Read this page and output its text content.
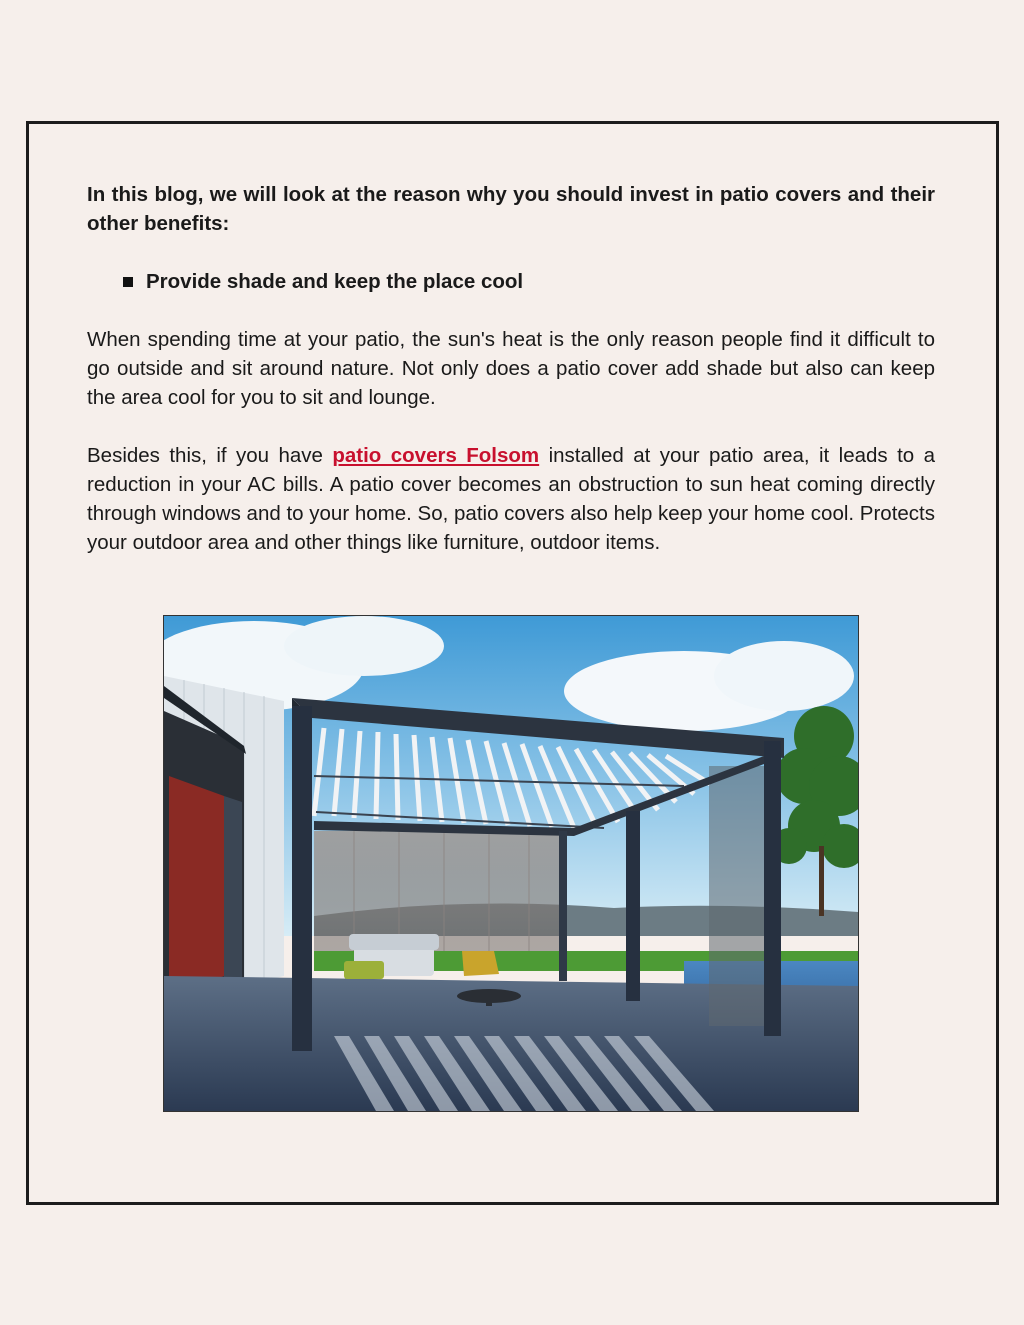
In this blog, we will look at the reason why you should invest in patio covers and their other benefits:

Provide shade and keep the place cool

When spending time at your patio, the sun's heat is the only reason people find it difficult to go outside and sit around nature. Not only does a patio cover add shade but also can keep the area cool for you to sit and lounge.

Besides this, if you have patio covers Folsom installed at your patio area, it leads to a reduction in your AC bills. A patio cover becomes an obstruction to sun heat coming directly through windows and to your home. So, patio covers also help keep your home cool. Protects your outdoor area and other things like furniture, outdoor items.
